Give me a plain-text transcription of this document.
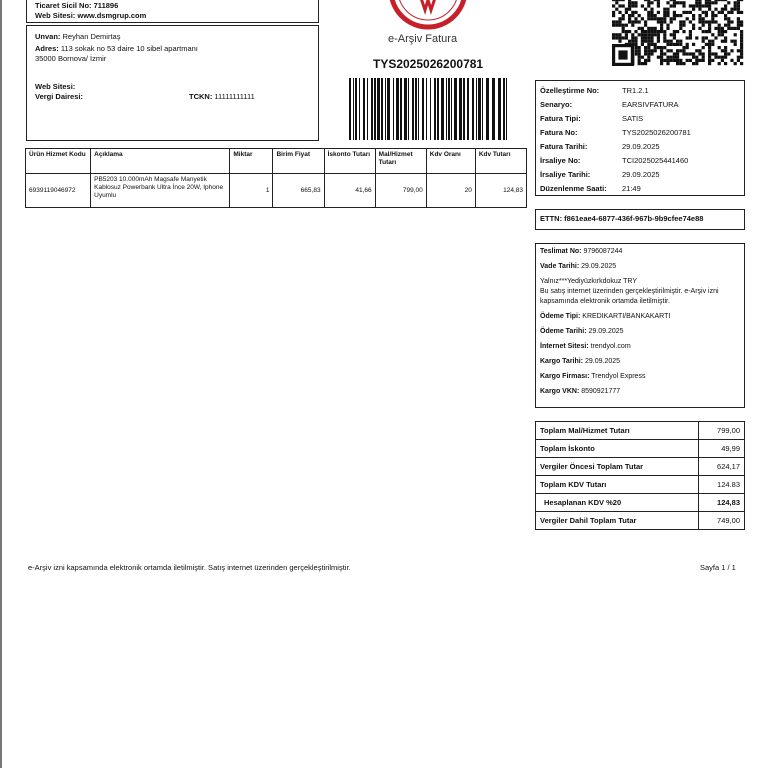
Ticaret Sicil No: 711896
Web Sitesi: www.dsmgrup.com
Unvan: Reyhan Demirtaş
Adres: 113 sokak no 53 daire 10 sibel apartmanı
35000 Bornova/ İzmir
Web Sitesi:
Vergi Dairesi:	TCKN:
11111111111
e-Arşiv Fatura
TYS2025026200781
Ürün Hizmet Kodu	Açıklama	Miktar	Birim Fiyat	İskonto Tutarı	Mal/Hizmet Tutarı	Kdv Oranı	Kdv Tutarı
6939119046972	PB5203 10.000mAh Magsafe Manyetik Kablosuz Powerbank Ultra İnce 20W, Iphone Uyumlu	1	665,83	41,66	799,00	20	124,83
Özelleştirme No:	TR1.2.1
Senaryo:	EARSIVFATURA
Fatura Tipi:	SATIS
Fatura No:	TYS2025026200781
Fatura Tarihi:	29.09.2025
İrsaliye No:	TCI2025025441460
İrsaliye Tarihi:	29.09.2025
Düzenlenme Saati:	21:49
ETTN: f861eae4-6877-436f-967b-9b9cfee74e88
Teslimat No: 9796087244
Vade Tarihi: 29.09.2025
Yalnız***Yediyüzkırkdokuz TRY
Bu satış internet üzerinden gerçekleştirilmiştir. e-Arşiv izni kapsamında elektronik ortamda iletilmiştir.
Ödeme Tipi: KREDIKARTI/BANKAKARTI
Ödeme Tarihi: 29.09.2025
İnternet Sitesi: trendyol.com
Kargo Tarihi: 29.09.2025
Kargo Firması: Trendyol Express
Kargo VKN: 8590921777
Toplam Mal/Hizmet Tutarı	799,00
Toplam İskonto	49,99
Vergiler Öncesi Toplam Tutar	624,17
Toplam KDV Tutarı	124.83
Hesaplanan KDV %20	124,83
Vergiler Dahil Toplam Tutar	749,00
e-Arşiv izni kapsamında elektronik ortamda iletilmiştir. Satış internet üzerinden gerçekleştirilmiştir.	Sayfa 1 / 1
